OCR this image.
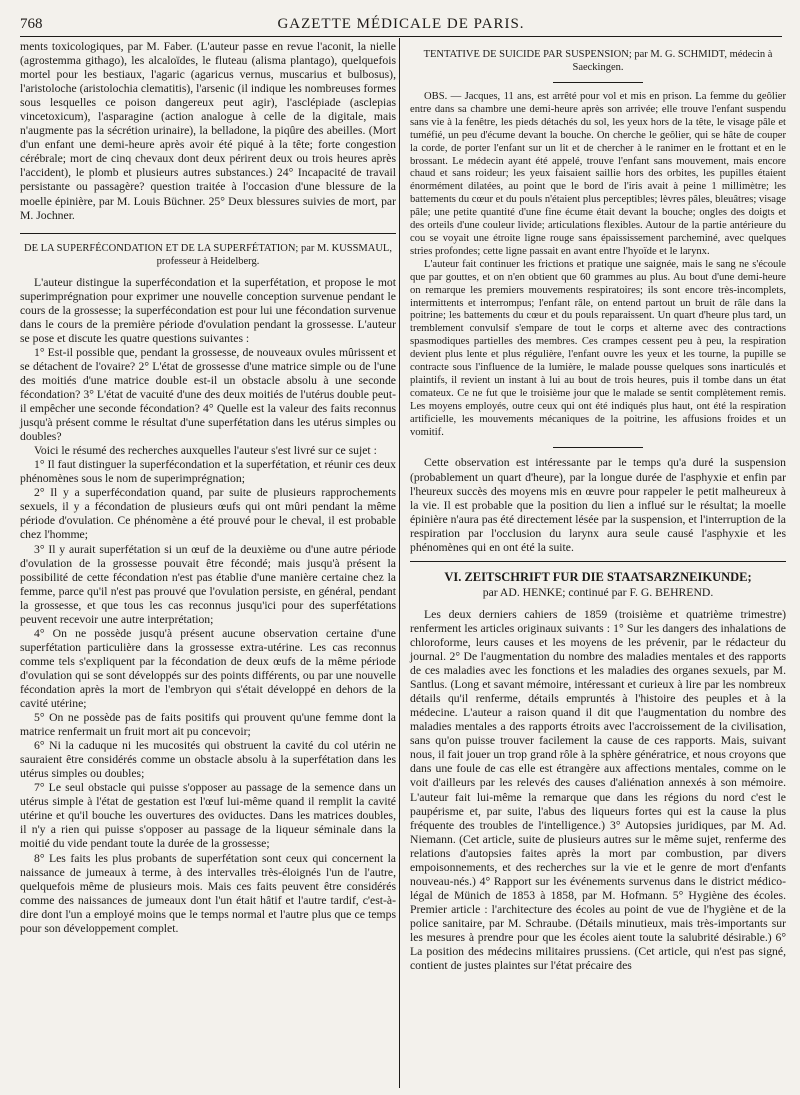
768	GAZETTE MÉDICALE DE PARIS.

ments toxicologiques, par M. Faber. (L'auteur passe en revue l'aconit, la nielle (agrostemma githago), les alcaloïdes, le fluteau (alisma plantago), quelquefois mortel pour les bestiaux, l'agaric (agaricus vernus, muscarius et bulbosus), l'aristoloche (aristolochia clematitis), l'arsenic (il indique les nombreuses formes sous lesquelles ce poison dangereux peut agir), l'asclépiade (asclepias vincetoxicum), l'asparagine (action analogue à celle de la digitale, mais n'augmente pas la sécrétion urinaire), la belladone, la piqûre des abeilles. (Mort d'un enfant une demi-heure après avoir été piqué à la tête; forte congestion cérébrale; mort de cinq chevaux dont deux périrent deux ou trois heures après l'accident), le plomb et plusieurs autres substances.) 24° Incapacité de travail persistante ou passagère? question traitée à l'occasion d'une blessure de la moelle épinière, par M. Louis Büchner. 25° Deux blessures suivies de mort, par M. Jochner.

DE LA SUPERFÉCONDATION ET DE LA SUPERFÉTATION; par M. KUSSMAUL, professeur à Heidelberg.

L'auteur distingue la superfécondation et la superfétation, et propose le mot superimprégnation pour exprimer une nouvelle conception survenue pendant le cours de la grossesse; la superfécondation est pour lui une fécondation survenue dans le cours de la première période d'ovulation pendant la grossesse. L'auteur se pose et discute les quatre questions suivantes :

1° Est-il possible que, pendant la grossesse, de nouveaux ovules mûrissent et se détachent de l'ovaire? 2° L'état de grossesse d'une matrice simple ou de l'une des moitiés d'une matrice double est-il un obstacle absolu à une seconde fécondation? 3° L'état de vacuité d'une des deux moitiés de l'utérus double peut-il empêcher une seconde fécondation? 4° Quelle est la valeur des faits reconnus jusqu'à présent comme le résultat d'une superfétation dans les utérus simples ou doubles?

Voici le résumé des recherches auxquelles l'auteur s'est livré sur ce sujet :

1° Il faut distinguer la superfécondation et la superfétation, et réunir ces deux phénomènes sous le nom de superimprégnation;

2° Il y a superfécondation quand, par suite de plusieurs rapprochements sexuels, il y a fécondation de plusieurs œufs qui ont mûri pendant la même période d'ovulation. Ce phénomène a été prouvé pour le cheval, il est probable chez l'homme;

3° Il y aurait superfétation si un œuf de la deuxième ou d'une autre période d'ovulation de la grossesse pouvait être fécondé; mais jusqu'à présent la possibilité de cette fécondation n'est pas établie d'une manière certaine chez la femme, parce qu'il n'est pas prouvé que l'ovulation persiste, en général, pendant la grossesse, et que tous les cas reconnus jusqu'ici pour des superfétations peuvent recevoir une autre interprétation;

4° On ne possède jusqu'à présent aucune observation certaine d'une superfétation particulière dans la grossesse extra-utérine. Les cas reconnus comme tels s'expliquent par la fécondation de deux œufs de la même période d'ovulation qui se sont développés sur des points différents, ou par une nouvelle fécondation après la mort de l'embryon qui s'était développé en dehors de la cavité utérine;

5° On ne possède pas de faits positifs qui prouvent qu'une femme dont la matrice renfermait un fruit mort ait pu concevoir;

6° Ni la caduque ni les mucosités qui obstruent la cavité du col utérin ne sauraient être considérés comme un obstacle absolu à la superfétation dans les utérus simples ou doubles;

7° Le seul obstacle qui puisse s'opposer au passage de la semence dans un utérus simple à l'état de gestation est l'œuf lui-même quand il remplit la cavité utérine et qu'il bouche les ouvertures des oviductes. Dans les matrices doubles, il n'y a rien qui puisse s'opposer au passage de la liqueur séminale dans la moitié du vide pendant toute la durée de la grossesse;

8° Les faits les plus probants de superfétation sont ceux qui concernent la naissance de jumeaux à terme, à des intervalles très-éloignés l'un de l'autre, quelquefois même de plusieurs mois. Mais ces faits peuvent être considérés comme des naissances de jumeaux dont l'un était hâtif et l'autre tardif, c'est-à-dire dont l'un a employé moins que le temps normal et l'autre plus que ce temps pour son développement complet.

TENTATIVE DE SUICIDE PAR SUSPENSION; par M. G. SCHMIDT, médecin à Saeckingen.

OBS. — Jacques, 11 ans, est arrêté pour vol et mis en prison. La femme du geôlier entre dans sa chambre une demi-heure après son arrivée; elle trouve l'enfant suspendu sans vie à la fenêtre, les pieds détachés du sol, les yeux hors de la tête, le visage pâle et tuméfié, un peu d'écume devant la bouche. On cherche le geôlier, qui se hâte de couper la corde, de porter l'enfant sur un lit et de chercher à le ranimer en le frottant et en le brossant. Le médecin ayant été appelé, trouve l'enfant sans mouvement, mais encore chaud et sans roideur; les yeux faisaient saillie hors des orbites, les pupilles étaient énormément dilatées, au point que le bord de l'iris avait à peine 1 millimètre; les battements du cœur et du pouls n'étaient plus perceptibles; lèvres pâles, bleuâtres; visage pâle; une petite quantité d'une fine écume était devant la bouche; ongles des doigts et des orteils d'une couleur livide; articulations flexibles. Autour de la partie antérieure du cou se voyait une étroite ligne rouge sans épaississement parcheminé, avec quelques stries profondes; cette ligne passait en avant entre l'hyoïde et le larynx.

L'auteur fait continuer les frictions et pratique une saignée, mais le sang ne s'écoule que par gouttes, et on n'en obtient que 60 grammes au plus. Au bout d'une demi-heure on remarque les premiers mouvements respiratoires; ils sont encore très-incomplets, intermittents et interrompus; l'enfant râle, on entend partout un bruit de râle dans la poitrine; les battements du cœur et du pouls reparaissent. Un quart d'heure plus tard, un tremblement convulsif s'empare de tout le corps et alterne avec des contractions spasmodiques partielles des membres. Ces crampes cessent peu à peu, la respiration devient plus lente et plus régulière, l'enfant ouvre les yeux et les tourne, la pupille se contracte sous l'influence de la lumière, le malade pousse quelques sons inarticulés et plaintifs, il revient un instant à lui au bout de trois heures, puis il tombe dans un état comateux. Ce ne fut que le troisième jour que le malade se sentit complètement remis. Les moyens employés, outre ceux qui ont été indiqués plus haut, ont été la respiration artificielle, les mouvements mécaniques de la poitrine, les affusions froides et un vomitif.

Cette observation est intéressante par le temps qu'a duré la suspension (probablement un quart d'heure), par la longue durée de l'asphyxie et enfin par l'heureux succès des moyens mis en œuvre pour rappeler le petit malheureux à la vie. Il est probable que la position du lien a influé sur le résultat; la moelle épinière n'aura pas été directement lésée par la suspension, et l'interruption de la respiration par l'occlusion du larynx aura seule causé l'asphyxie et les phénomènes qui en ont été la suite.

VI. ZEITSCHRIFT FUR DIE STAATSARZNEIKUNDE;
par AD. HENKE; continué par F. G. BEHREND.

Les deux derniers cahiers de 1859 (troisième et quatrième trimestre) renferment les articles originaux suivants : 1° Sur les dangers des inhalations de chloroforme, leurs causes et les moyens de les prévenir, par le rédacteur du journal. 2° De l'augmentation du nombre des maladies mentales et des rapports de ces maladies avec les fonctions et les maladies des organes sexuels, par M. Santlus. (Long et savant mémoire, intéressant et curieux à lire par les nombreux détails qu'il renferme, détails empruntés à l'histoire des peuples et à la médecine. L'auteur a raison quand il dit que l'augmentation du nombre des maladies mentales a des rapports étroits avec l'accroissement de la civilisation, sans qu'on puisse trouver facilement la cause de ces rapports. Mais, suivant nous, il fait jouer un trop grand rôle à la sphère génératrice, et nous croyons que dans une foule de cas elle est étrangère aux affections mentales, comme on le voit d'ailleurs par les relevés des causes d'aliénation annexés à son mémoire. L'auteur fait lui-même la remarque que dans les régions du nord c'est le paupérisme et, par suite, l'abus des liqueurs fortes qui est la cause la plus fréquente des troubles de l'intelligence.) 3° Autopsies juridiques, par M. Ad. Niemann. (Cet article, suite de plusieurs autres sur le même sujet, renferme des relations d'autopsies faites après la mort par combustion, par divers empoisonnements, et des recherches sur la vie et le genre de mort d'enfants nouveau-nés.) 4° Rapport sur les événements survenus dans le district médico-légal de Münich de 1853 à 1858, par M. Hofmann. 5° Hygiène des écoles. Premier article : l'architecture des écoles au point de vue de l'hygiène et de la police sanitaire, par M. Schraube. (Détails minutieux, mais très-importants sur les mesures à prendre pour que les écoles aient toute la salubrité désirable.) 6° La position des médecins militaires prussiens. (Cet article, qui n'est pas signé, contient de justes plaintes sur l'état précaire des
